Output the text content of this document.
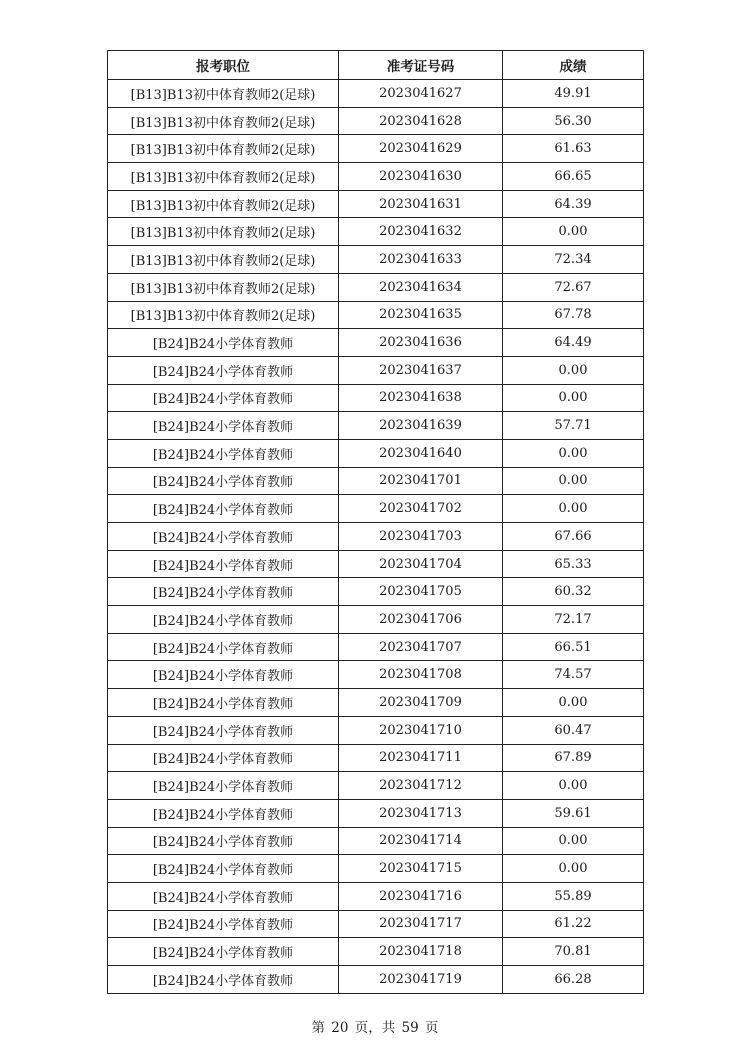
报考职位	准考证号码	成绩
[B13]B13初中体育教师2(足球)	2023041627	49.91
[B13]B13初中体育教师2(足球)	2023041628	56.30
[B13]B13初中体育教师2(足球)	2023041629	61.63
[B13]B13初中体育教师2(足球)	2023041630	66.65
[B13]B13初中体育教师2(足球)	2023041631	64.39
[B13]B13初中体育教师2(足球)	2023041632	0.00
[B13]B13初中体育教师2(足球)	2023041633	72.34
[B13]B13初中体育教师2(足球)	2023041634	72.67
[B13]B13初中体育教师2(足球)	2023041635	67.78
[B24]B24小学体育教师	2023041636	64.49
[B24]B24小学体育教师	2023041637	0.00
[B24]B24小学体育教师	2023041638	0.00
[B24]B24小学体育教师	2023041639	57.71
[B24]B24小学体育教师	2023041640	0.00
[B24]B24小学体育教师	2023041701	0.00
[B24]B24小学体育教师	2023041702	0.00
[B24]B24小学体育教师	2023041703	67.66
[B24]B24小学体育教师	2023041704	65.33
[B24]B24小学体育教师	2023041705	60.32
[B24]B24小学体育教师	2023041706	72.17
[B24]B24小学体育教师	2023041707	66.51
[B24]B24小学体育教师	2023041708	74.57
[B24]B24小学体育教师	2023041709	0.00
[B24]B24小学体育教师	2023041710	60.47
[B24]B24小学体育教师	2023041711	67.89
[B24]B24小学体育教师	2023041712	0.00
[B24]B24小学体育教师	2023041713	59.61
[B24]B24小学体育教师	2023041714	0.00
[B24]B24小学体育教师	2023041715	0.00
[B24]B24小学体育教师	2023041716	55.89
[B24]B24小学体育教师	2023041717	61.22
[B24]B24小学体育教师	2023041718	70.81
[B24]B24小学体育教师	2023041719	66.28
第 20 页，共 59 页
